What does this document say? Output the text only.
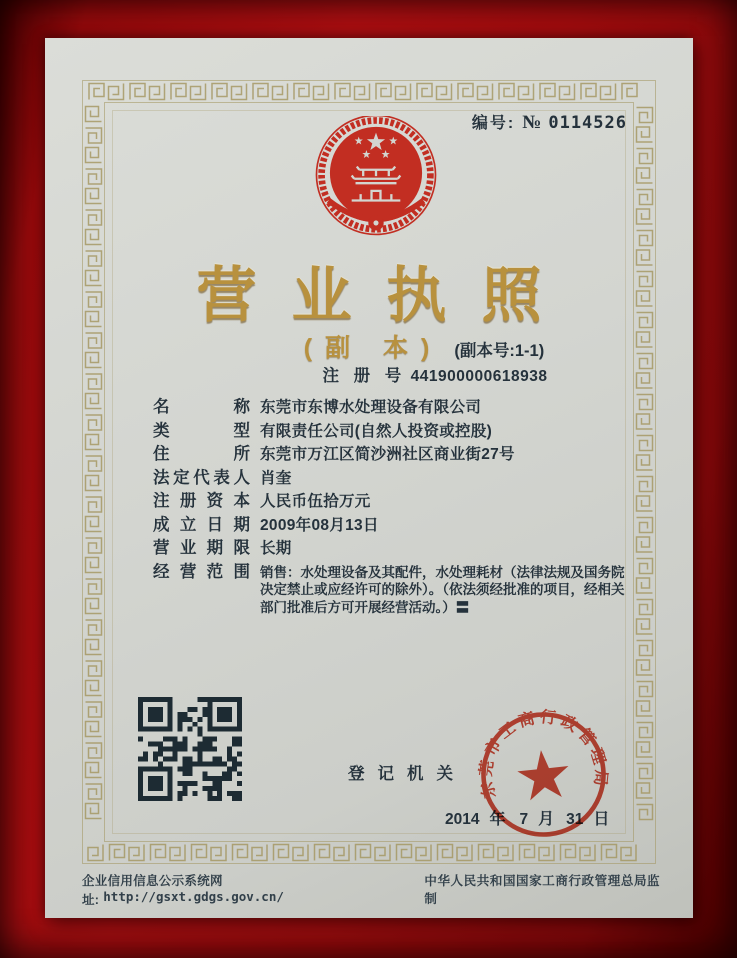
编号: № 0114526
营业执照
(副 本) (副本号:1-1)
注 册 号 441900000618938
名	称 东莞市东博水处理设备有限公司
类	型 有限责任公司(自然人投资或控股)
住	所 东莞市万江区简沙洲社区商业街27号
法 定 代 表 人 肖奎
注 册 资 本 人民币伍拾万元
成 立 日 期 2009年08月13日
营 业 期 限 长期
经 营 范 围 销售：水处理设备及其配件，水处理耗材（法律法规及国务院决定禁止或应经许可的除外）。（依法须经批准的项目，经相关部门批准后方可开展经营活动。）〓
登记机关
2014 年 7 月 31 日
东莞市工商行政管理局
企业信用信息公示系统网址: http://gsxt.gdgs.gov.cn/
中华人民共和国国家工商行政管理总局监制
